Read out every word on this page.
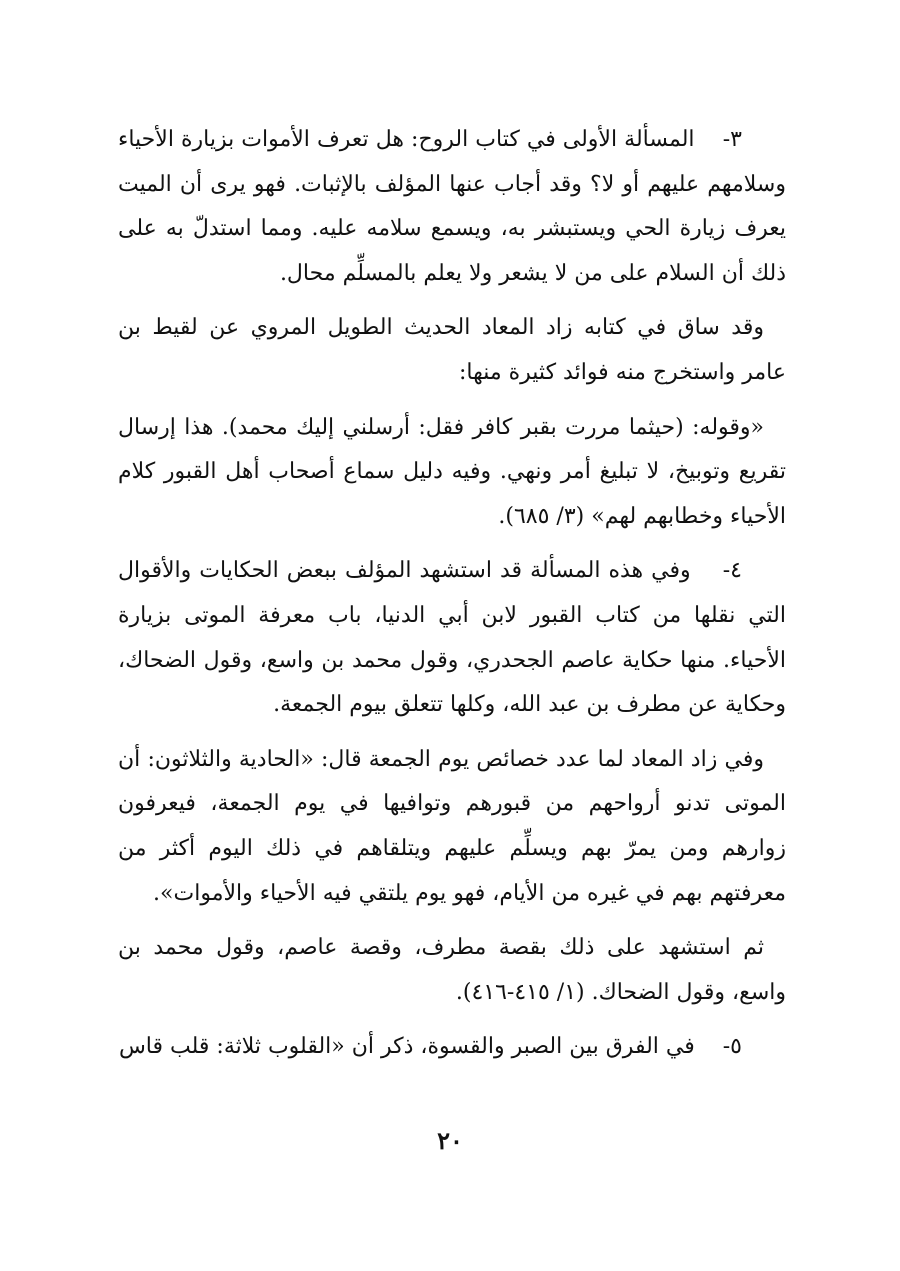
٣-    المسألة الأولى في كتاب الروح: هل تعرف الأموات بزيارة الأحياء وسلامهم عليهم أو لا؟ وقد أجاب عنها المؤلف بالإثبات. فهو يرى أن الميت يعرف زيارة الحي ويستبشر به، ويسمع سلامه عليه. ومما استدلّ به على ذلك أن السلام على من لا يشعر ولا يعلم بالمسلِّم محال.

وقد ساق في كتابه زاد المعاد الحديث الطويل المروي عن لقيط بن عامر واستخرج منه فوائد كثيرة منها:

«وقوله: (حيثما مررت بقبر كافر فقل: أرسلني إليك محمد). هذا إرسال تقريع وتوبيخ، لا تبليغ أمر ونهي. وفيه دليل سماع أصحاب أهل القبور كلام الأحياء وخطابهم لهم» (٣/ ٦٨٥).

٤-    وفي هذه المسألة قد استشهد المؤلف ببعض الحكايات والأقوال التي نقلها من كتاب القبور لابن أبي الدنيا، باب معرفة الموتى بزيارة الأحياء. منها حكاية عاصم الجحدري، وقول محمد بن واسع، وقول الضحاك، وحكاية عن مطرف بن عبد الله، وكلها تتعلق بيوم الجمعة.

وفي زاد المعاد لما عدد خصائص يوم الجمعة قال: «الحادية والثلاثون: أن الموتى تدنو أرواحهم من قبورهم وتوافيها في يوم الجمعة، فيعرفون زوارهم ومن يمرّ بهم ويسلِّم عليهم ويتلقاهم في ذلك اليوم أكثر من معرفتهم بهم في غيره من الأيام، فهو يوم يلتقي فيه الأحياء والأموات».

ثم استشهد على ذلك بقصة مطرف، وقصة عاصم، وقول محمد بن واسع، وقول الضحاك. (١/ ٤١٥-٤١٦).

٥-    في الفرق بين الصبر والقسوة، ذكر أن «القلوب ثلاثة: قلب قاس

٢٠
